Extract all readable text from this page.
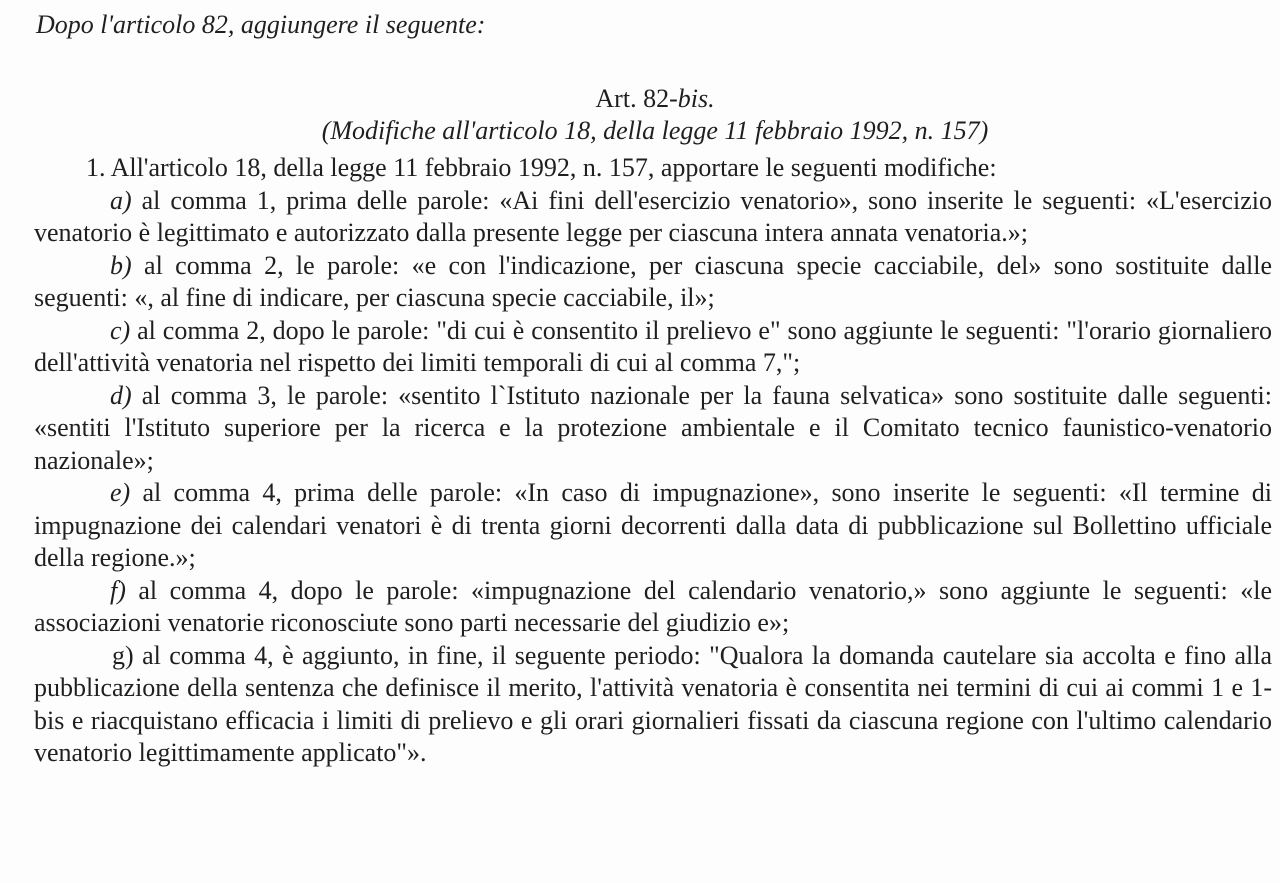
Dopo l'articolo 82, aggiungere il seguente:

Art. 82-bis.

(Modifiche all'articolo 18, della legge 11 febbraio 1992, n. 157)

1. All'articolo 18, della legge 11 febbraio 1992, n. 157, apportare le seguenti modifiche:

a) al comma 1, prima delle parole: «Ai fini dell'esercizio venatorio», sono inserite le seguenti: «L'esercizio venatorio è legittimato e autorizzato dalla presente legge per ciascuna intera annata venatoria.»;

b) al comma 2, le parole: «e con l'indicazione, per ciascuna specie cacciabile, del» sono sostituite dalle seguenti: «, al fine di indicare, per ciascuna specie cacciabile, il»;

c) al comma 2, dopo le parole: "di cui è consentito il prelievo e" sono aggiunte le seguenti: "l'orario giornaliero dell'attività venatoria nel rispetto dei limiti temporali di cui al comma 7,";

d) al comma 3, le parole: «sentito l`Istituto nazionale per la fauna selvatica» sono sostituite dalle seguenti: «sentiti l'Istituto superiore per la ricerca e la protezione ambientale e il Comitato tecnico faunistico-venatorio nazionale»;

e) al comma 4, prima delle parole: «In caso di impugnazione», sono inserite le seguenti: «Il termine di impugnazione dei calendari venatori è di trenta giorni decorrenti dalla data di pubblicazione sul Bollettino ufficiale della regione.»;

f) al comma 4, dopo le parole: «impugnazione del calendario venatorio,» sono aggiunte le seguenti: «le associazioni venatorie riconosciute sono parti necessarie del giudizio e»;

g) al comma 4, è aggiunto, in fine, il seguente periodo: "Qualora la domanda cautelare sia accolta e fino alla pubblicazione della sentenza che definisce il merito, l'attività venatoria è consentita nei termini di cui ai commi 1 e 1-bis e riacquistano efficacia i limiti di prelievo e gli orari giornalieri fissati da ciascuna regione con l'ultimo calendario venatorio legittimamente applicato"».
